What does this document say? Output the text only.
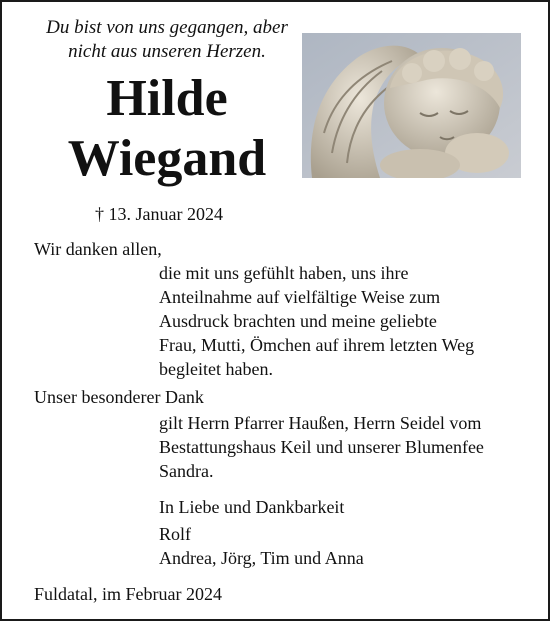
Du bist von uns gegangen, aber
nicht aus unseren Herzen.
Hilde
Wiegand
† 13. Januar 2024
Wir danken allen,
die mit uns gefühlt haben, uns ihre
Anteilnahme auf vielfältige Weise zum
Ausdruck brachten und meine geliebte
Frau, Mutti, Ömchen auf ihrem letzten Weg
begleitet haben.
Unser besonderer Dank
gilt Herrn Pfarrer Haußen, Herrn Seidel vom
Bestattungshaus Keil und unserer Blumenfee
Sandra.
In Liebe und Dankbarkeit
Rolf
Andrea, Jörg, Tim und Anna
Fuldatal, im Februar 2024
